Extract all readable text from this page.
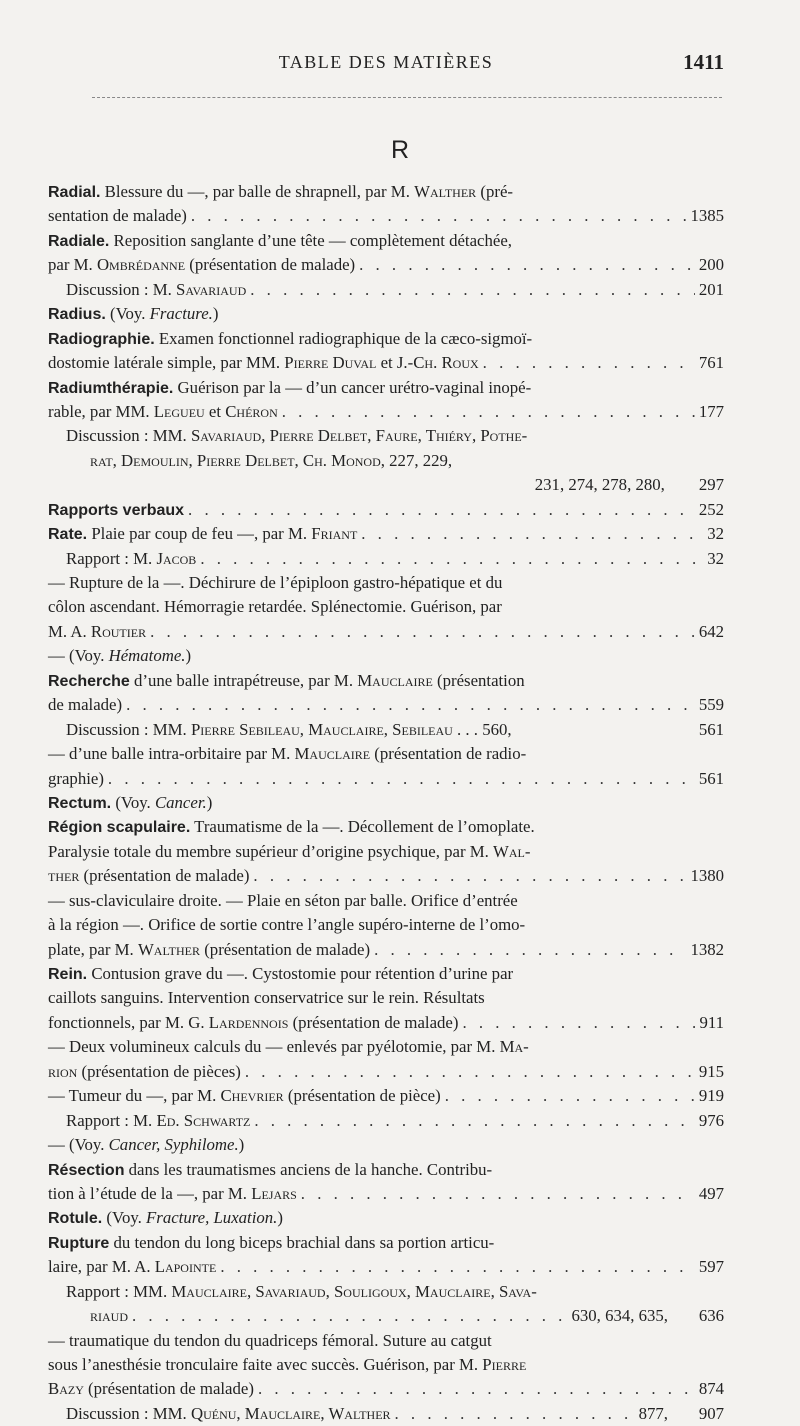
TABLE DES MATIÈRES	1411
R
Radial. Blessure du —, par balle de shrapnell, par M. Walther (pré-
sentation de malade) . . .	1385
Radiale. Reposition sanglante d’une tête — complètement détachée,
par M. Ombrédanne (présentation de malade) . . .	200
Discussion : M. Savariaud . . .	201
Radius. (Voy. Fracture.)
Radiographie. Examen fonctionnel radiographique de la cæco-sigmoï-
dostomie latérale simple, par MM. Pierre Duval et J.-Ch. Roux . . .	761
Radiumthérapie. Guérison par la — d’un cancer urétro-vaginal inopé-
rable, par MM. Legueu et Chéron . . .	177
Discussion : MM. Savariaud, Pierre Delbet, Faure, Thiéry, Pothe-
rat, Demoulin, Pierre Delbet, Ch. Monod, 227, 229,
231, 274, 278, 280, 297
Rapports verbaux . . .	252
Rate. Plaie par coup de feu —, par M. Friant . . .	32
Rapport : M. Jacob . . .	32
— Rupture de la —. Déchirure de l’épiploon gastro-hépatique et du
côlon ascendant. Hémorragie retardée. Splénectomie. Guérison, par
M. A. Routier . . .	642
— (Voy. Hématome.)
Recherche d’une balle intrapétreuse, par M. Mauclaire (présentation
de malade) . . .	559
Discussion : MM. Pierre Sebileau, Mauclaire, Sebileau . . . 560,	561
— d’une balle intra-orbitaire par M. Mauclaire (présentation de radio-
graphie) . . .	561
Rectum. (Voy. Cancer.)
Région scapulaire. Traumatisme de la —. Décollement de l’omoplate.
Paralysie totale du membre supérieur d’origine psychique, par M. Wal-
ther (présentation de malade) . . .	1380
— sus-claviculaire droite. — Plaie en séton par balle. Orifice d’entrée
à la région —. Orifice de sortie contre l’angle supéro-interne de l’omo-
plate, par M. Walther (présentation de malade) . . .	1382
Rein. Contusion grave du —. Cystostomie pour rétention d’urine par
caillots sanguins. Intervention conservatrice sur le rein. Résultats
fonctionnels, par M. G. Lardennois (présentation de malade) . . .	911
— Deux volumineux calculs du — enlevés par pyélotomie, par M. Ma-
rion (présentation de pièces) . . .	915
— Tumeur du —, par M. Chevrier (présentation de pièce) . . .	919
Rapport : M. Ed. Schwartz . . .	976
— (Voy. Cancer, Syphilome.)
Résection dans les traumatismes anciens de la hanche. Contribu-
tion à l’étude de la —, par M. Lejars . . .	497
Rotule. (Voy. Fracture, Luxation.)
Rupture du tendon du long biceps brachial dans sa portion articu-
laire, par M. A. Lapointe . . .	597
Rapport : MM. Mauclaire, Savariaud, Souligoux, Mauclaire, Sava-
riaud . . .	630, 634, 635, 636
— traumatique du tendon du quadriceps fémoral. Suture au catgut
sous l’anesthésie tronculaire faite avec succès. Guérison, par M. Pierre
Bazy (présentation de malade) . . .	874
Discussion : MM. Quénu, Mauclaire, Walther . . .	877, 907
